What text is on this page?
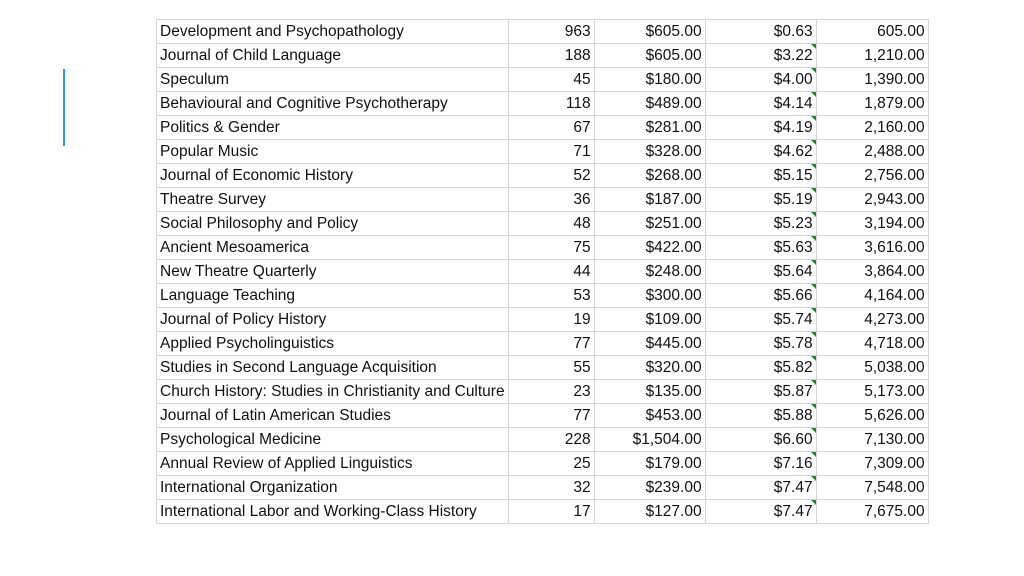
Development and Psychopathology	963	$605.00	$0.63	605.00
Journal of Child Language	188	$605.00	$3.22	1,210.00
Speculum	45	$180.00	$4.00	1,390.00
Behavioural and Cognitive Psychotherapy	118	$489.00	$4.14	1,879.00
Politics & Gender	67	$281.00	$4.19	2,160.00
Popular Music	71	$328.00	$4.62	2,488.00
Journal of Economic History	52	$268.00	$5.15	2,756.00
Theatre Survey	36	$187.00	$5.19	2,943.00
Social Philosophy and Policy	48	$251.00	$5.23	3,194.00
Ancient Mesoamerica	75	$422.00	$5.63	3,616.00
New Theatre Quarterly	44	$248.00	$5.64	3,864.00
Language Teaching	53	$300.00	$5.66	4,164.00
Journal of Policy History	19	$109.00	$5.74	4,273.00
Applied Psycholinguistics	77	$445.00	$5.78	4,718.00
Studies in Second Language Acquisition	55	$320.00	$5.82	5,038.00
Church History: Studies in Christianity and Culture	23	$135.00	$5.87	5,173.00
Journal of Latin American Studies	77	$453.00	$5.88	5,626.00
Psychological Medicine	228	$1,504.00	$6.60	7,130.00
Annual Review of Applied Linguistics	25	$179.00	$7.16	7,309.00
International Organization	32	$239.00	$7.47	7,548.00
International Labor and Working-Class History	17	$127.00	$7.47	7,675.00
